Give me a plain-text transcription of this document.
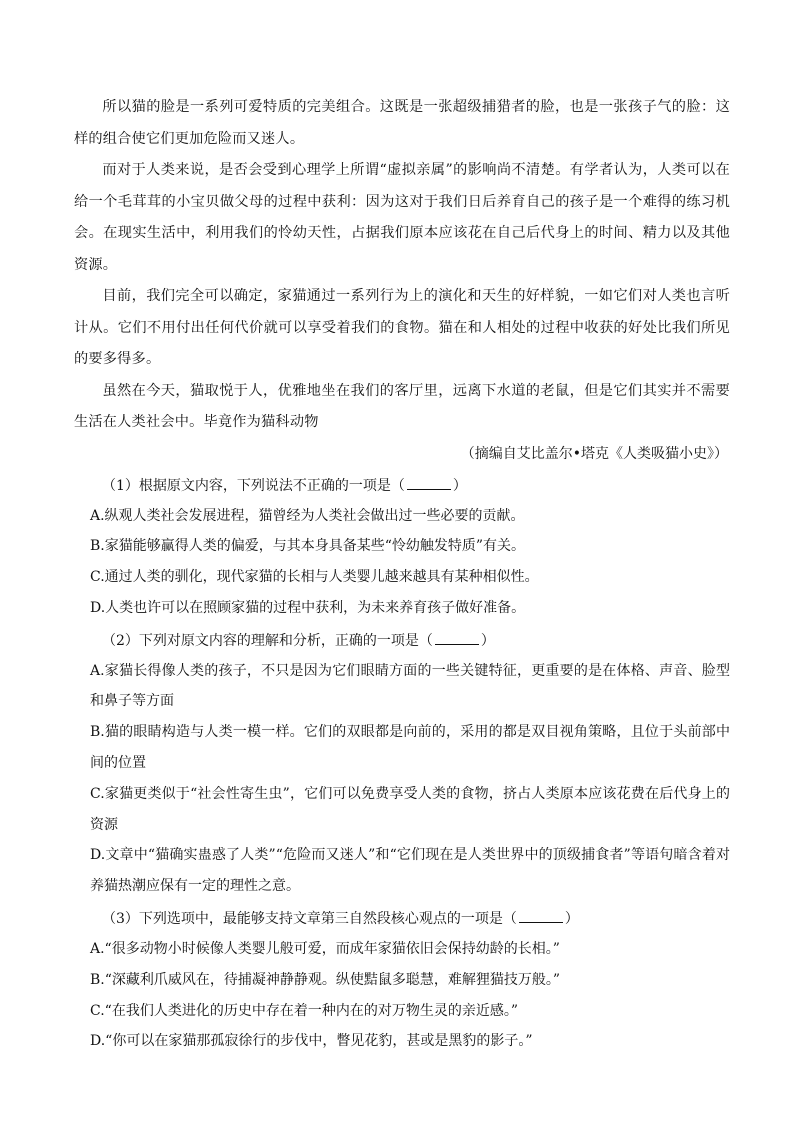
所以猫的脸是一系列可爱特质的完美组合。这既是一张超级捕猎者的脸，也是一张孩子气的脸：这样的组合使它们更加危险而又迷人。

而对于人类来说，是否会受到心理学上所谓“虚拟亲属”的影响尚不清楚。有学者认为，人类可以在给一个毛茸茸的小宝贝做父母的过程中获利：因为这对于我们日后养育自己的孩子是一个难得的练习机会。在现实生活中，利用我们的怜幼天性，占据我们原本应该花在自己后代身上的时间、精力以及其他资源。

目前，我们完全可以确定，家猫通过一系列行为上的演化和天生的好样貌，一如它们对人类也言听计从。它们不用付出任何代价就可以享受着我们的食物。猫在和人相处的过程中收获的好处比我们所见的要多得多。

虽然在今天，猫取悦于人，优雅地坐在我们的客厅里，远离下水道的老鼠，但是它们其实并不需要生活在人类社会中。毕竟作为猫科动物

（摘编自艾比盖尔•塔克《人类吸猫小史》）

（1）根据原文内容，下列说法不正确的一项是（	）

A.纵观人类社会发展进程，猫曾经为人类社会做出过一些必要的贡献。

B.家猫能够赢得人类的偏爱，与其本身具备某些“怜幼触发特质”有关。

C.通过人类的驯化，现代家猫的长相与人类婴儿越来越具有某种相似性。

D.人类也许可以在照顾家猫的过程中获利，为未来养育孩子做好准备。

（2）下列对原文内容的理解和分析，正确的一项是（	）

A.家猫长得像人类的孩子，不只是因为它们眼睛方面的一些关键特征，更重要的是在体格、声音、脸型和鼻子等方面

B.猫的眼睛构造与人类一模一样。它们的双眼都是向前的，采用的都是双目视角策略，且位于头前部中间的位置

C.家猫更类似于“社会性寄生虫”，它们可以免费享受人类的食物，挤占人类原本应该花费在后代身上的资源

D.文章中“猫确实蛊惑了人类”“危险而又迷人”和“它们现在是人类世界中的顶级捕食者”等语句暗含着对养猫热潮应保有一定的理性之意。

（3）下列选项中，最能够支持文章第三自然段核心观点的一项是（	）

A.“很多动物小时候像人类婴儿般可爱，而成年家猫依旧会保持幼龄的长相。”

B.“深藏利爪威风在，待捕凝神静静观。纵使黠鼠多聪慧，难解狸猫技万般。”

C.“在我们人类进化的历史中存在着一种内在的对万物生灵的亲近感。”

D.“你可以在家猫那孤寂徐行的步伐中，瞥见花豹，甚或是黑豹的影子。”
